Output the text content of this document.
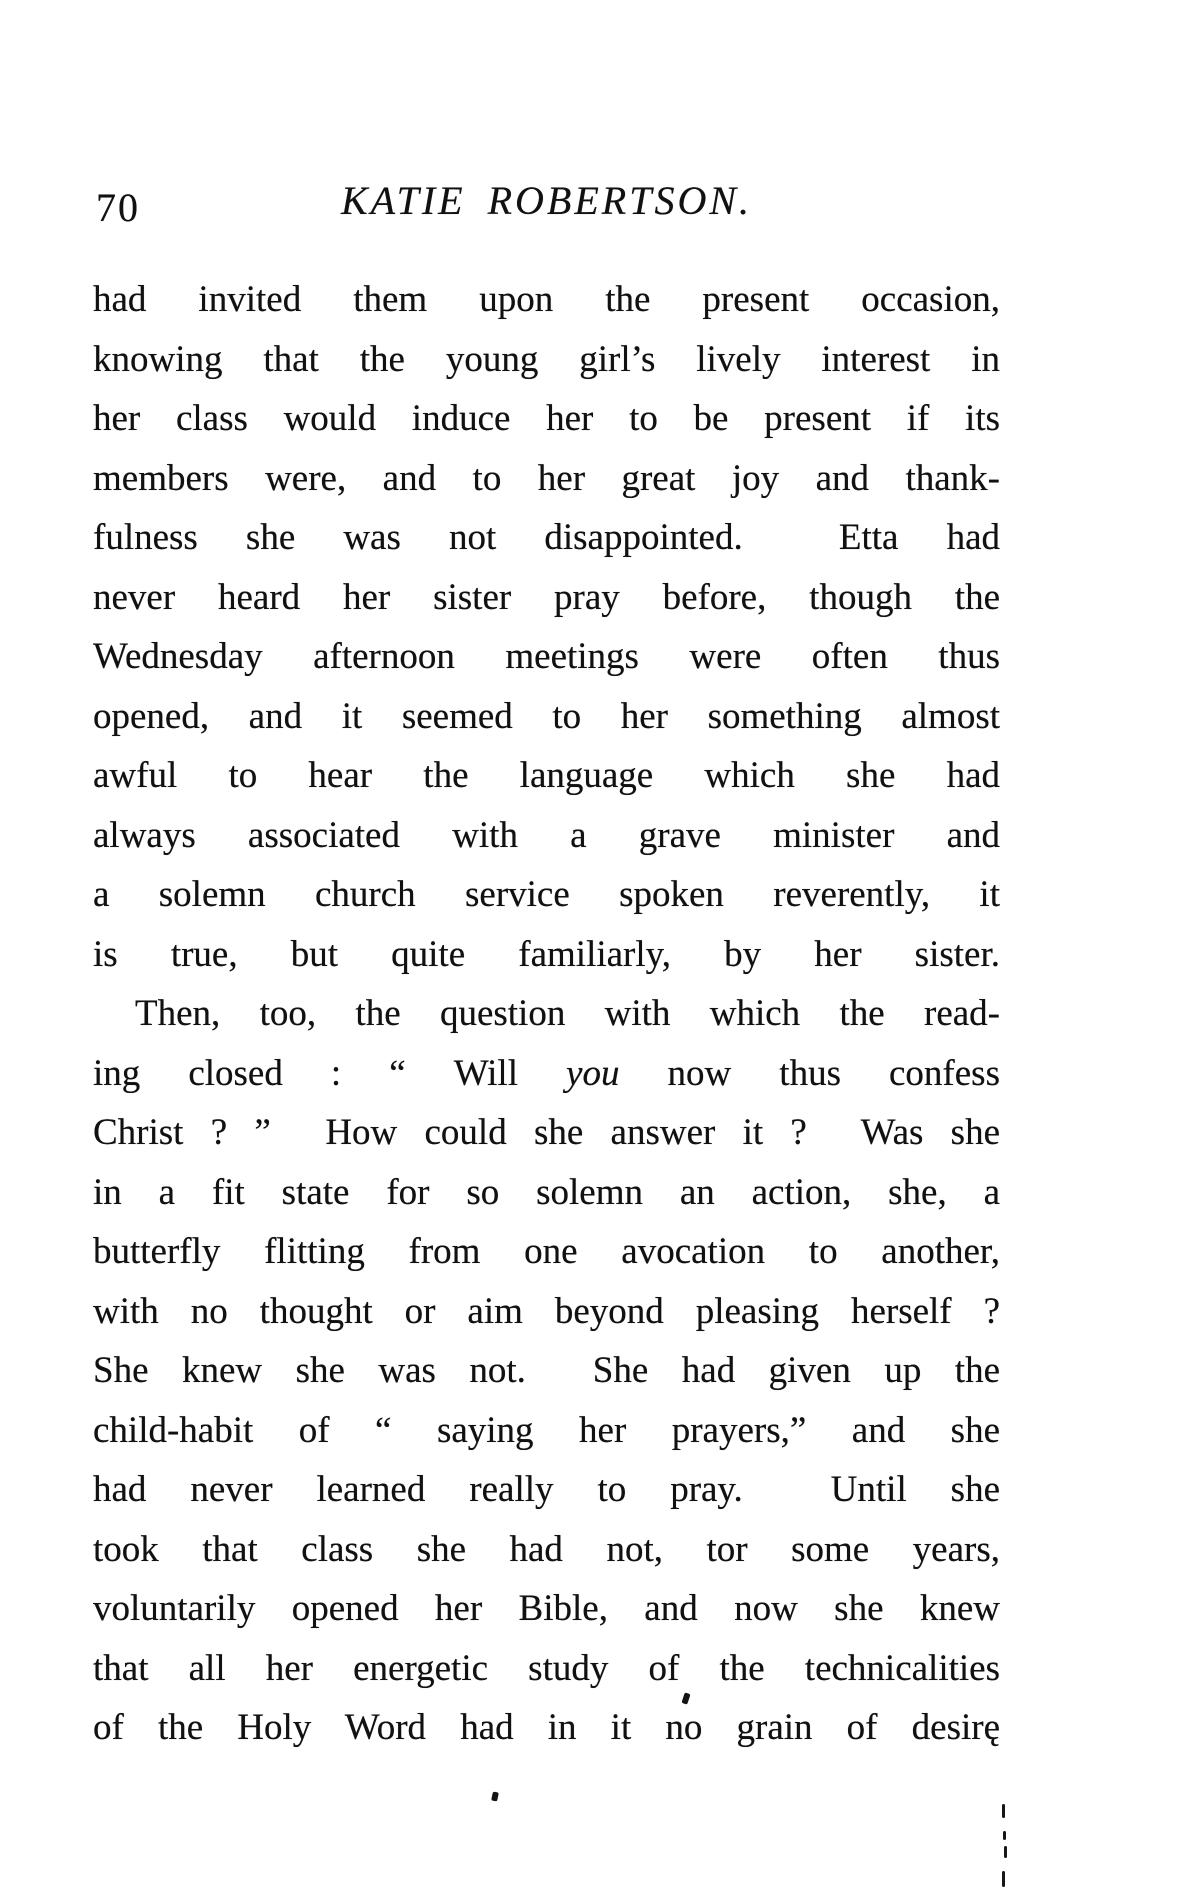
70	KATIE ROBERTSON.
had invited them upon the present occasion,
knowing that the young girl’s lively interest in
her class would induce her to be present if its
members were, and to her great joy and thank-
fulness she was not disappointed.  Etta had
never heard her sister pray before, though the
Wednesday afternoon meetings were often thus
opened, and it seemed to her something almost
awful to hear the language which she had
always associated with a grave minister and
a solemn church service spoken reverently, it
is true, but quite familiarly, by her sister.
Then, too, the question with which the read-
ing closed : “ Will you now thus confess
Christ ? ”  How could she answer it ?  Was she
in a fit state for so solemn an action, she, a
butterfly flitting from one avocation to another,
with no thought or aim beyond pleasing herself ?
She knew she was not.  She had given up the
child-habit of “ saying her prayers,” and she
had never learned really to pray.  Until she
took that class she had not, tor some years,
voluntarily opened her Bible, and now she knew
that all her energetic study of the technicalities
of the Holy Word had in it no grain of desirę
